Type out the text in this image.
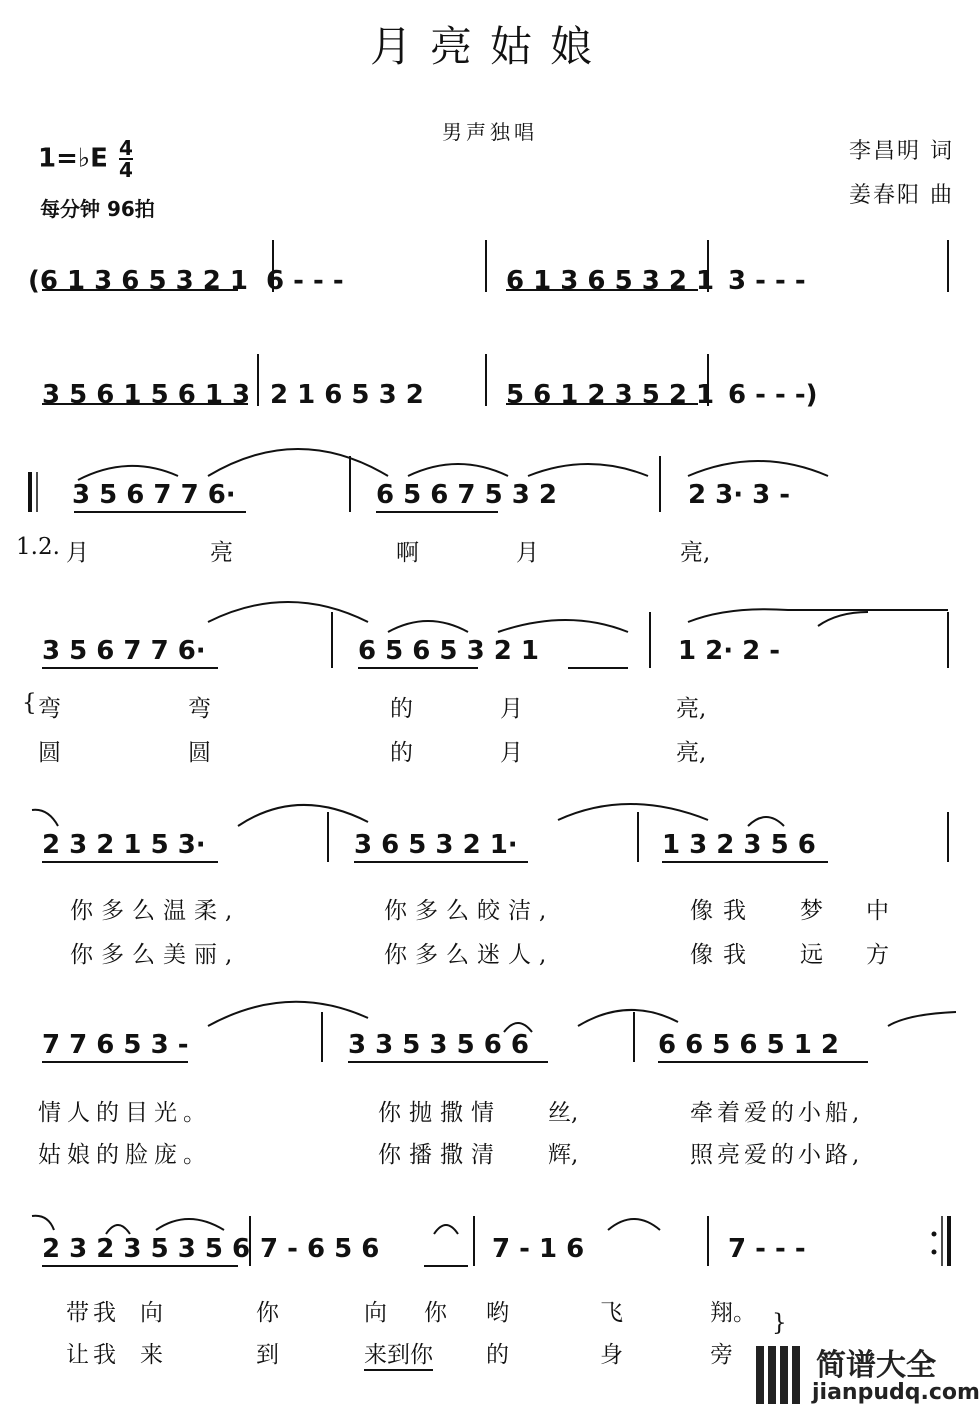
月亮姑娘
男声独唱
1=♭E $\frac{4}{4}$
每分钟 96拍
李昌明 词
姜春阳 曲
(6 1 3 6 5 3 2 1 6 - - -	6 1 3 6 5 3 2 1 3 - - -
3 5 6 1 5 6 1 3 2 1 6 5 3 2	5 6 1 2 3 5 2 1 6 - - -)
3 5 6 7 7 6·	6 5 6 7 5 3 2	2 3· 3 -
1.2. 月	亮	啊	月	亮,
3 5 6 7 7 6·	6 5 6 5 3 2 1	1 2· 2 -
{ 弯	弯	的	月	亮,
圆	圆	的	月	亮,
2 3 2 1 5 3·	3 6 5 3 2 1·	1 3 2 3 5 6
你多么温柔,	你多么皎洁,	像我 梦 中
你多么美丽,	你多么迷人,	像我 远 方
7 7 6 5 3 -	3 3 5 3 5 6 6	6 6 5 6 5 1 2
情人的目光。	你抛撒情 丝,	牵着爱的小船,
姑娘的脸庞。	你播撒清 辉,	照亮爱的小路,
2 3 2 3 5 3 5 6 7 - 6 5 6	7 - 1 6	7 - - -
带我 向	你	向 你 哟	飞	翔。
让我 来	到	来到你 的	身	旁
}
简谱大全
jianpudq.com
